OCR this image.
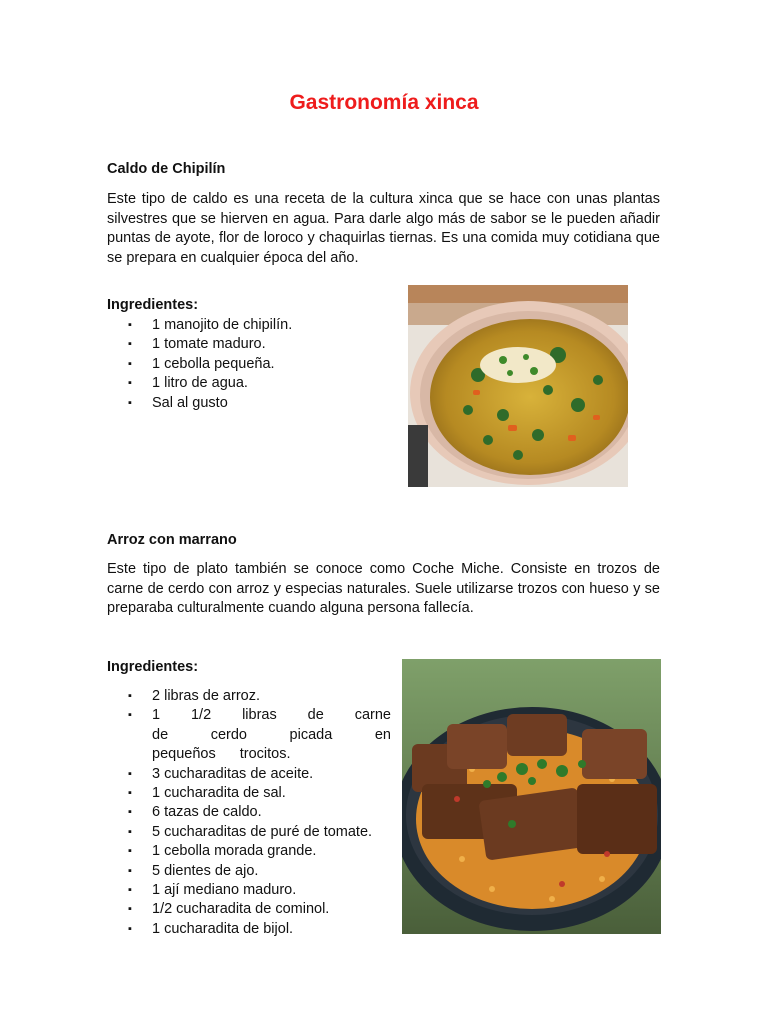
Gastronomía xinca
Caldo de Chipilín

Este tipo de caldo es una receta de la cultura xinca que se hace con unas plantas silvestres que se hierven en agua. Para darle algo más de sabor se le pueden añadir puntas de ayote, flor de loroco y chaquirlas tiernas. Es una comida muy cotidiana que se prepara en cualquier época del año.

Ingredientes:

▪ 1 manojito de chipilín.
▪ 1 tomate maduro.
▪ 1 cebolla pequeña.
▪ 1 litro de agua.
▪ Sal al gusto
Arroz con marrano

Este tipo de plato también se conoce como Coche Miche. Consiste en trozos de carne de cerdo con arroz y especias naturales. Suele utilizarse trozos con hueso y se preparaba culturalmente cuando alguna persona fallecía.

Ingredientes:

▪ 2 libras de arroz.
▪ 1 1/2 libras de carne de cerdo picada en pequeños trocitos.
▪ 3 cucharaditas de aceite.
▪ 1 cucharadita de sal.
▪ 6 tazas de caldo.
▪ 5 cucharaditas de puré de tomate.
▪ 1 cebolla morada grande.
▪ 5 dientes de ajo.
▪ 1 ají mediano maduro.
▪ 1/2 cucharadita de cominol.
▪ 1 cucharadita de bijol.
